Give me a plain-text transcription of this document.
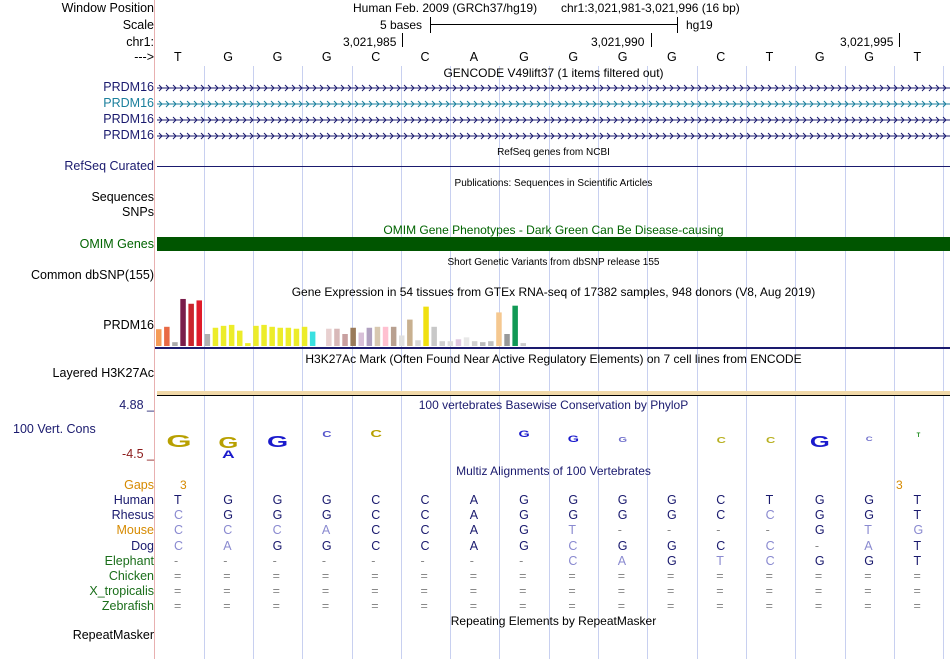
Window Position
Scale
chr1:
--->
Human Feb. 2009 (GRCh37/hg19) chr1:3,021,981-3,021,996 (16 bp)
5 bases	hg19
3,021,985	3,021,990	3,021,995
T	G	G	G	C	C	A	G	G	G	G	C	T	G	G	T
GENCODE V49lift37 (1 items filtered out)
PRDM16
PRDM16
PRDM16
PRDM16
RefSeq genes from NCBI
RefSeq Curated
Publications: Sequences in Scientific Articles
Sequences
SNPs
OMIM Gene Phenotypes - Dark Green Can Be Disease-causing
OMIM Genes
Short Genetic Variants from dbSNP release 155
Common dbSNP(155)
Gene Expression in 54 tissues from GTEx RNA-seq of 17382 samples, 948 donors (V8, Aug 2019)
PRDM16
H3K27Ac Mark (Often Found Near Active Regulatory Elements) on 7 cell lines from ENCODE
Layered H3K27Ac
4.88 _	100 vertebrates Basewise Conservation by PhyloP
100 Vert. Cons
-4.5 _
G G
A
G	C	C	G	G	G	C	C G	C	T
Multiz Alignments of 100 Vertebrates
Gaps 3	3
Human T	G	G	G	C	C	A	G	G	G	G	C	T	G	G	T
Rhesus C	G	G	G	C	C	A	G	G	G	G	C	C	G	G	T
Mouse C	C	C	A	C	C	A	G	T	-	-	-	-	G	T	G
Dog C	A	G	G	C	C	A	G	C	G	G	C	C	-	A	T
Elephant -	-	-	-	-	-	-	-	C	A	G	T	C	G	G	T
Chicken =	=	=	=	=	=	=	=	=	=	=	=	=	=	=	=
X_tropicalis =	=	=	=	=	=	=	=	=	=	=	=	=	=	=	=
Zebrafish =	=	=	=	=	=	=	=	=	=	=	=	=	=	=	=
Repeating Elements by RepeatMasker
RepeatMasker
